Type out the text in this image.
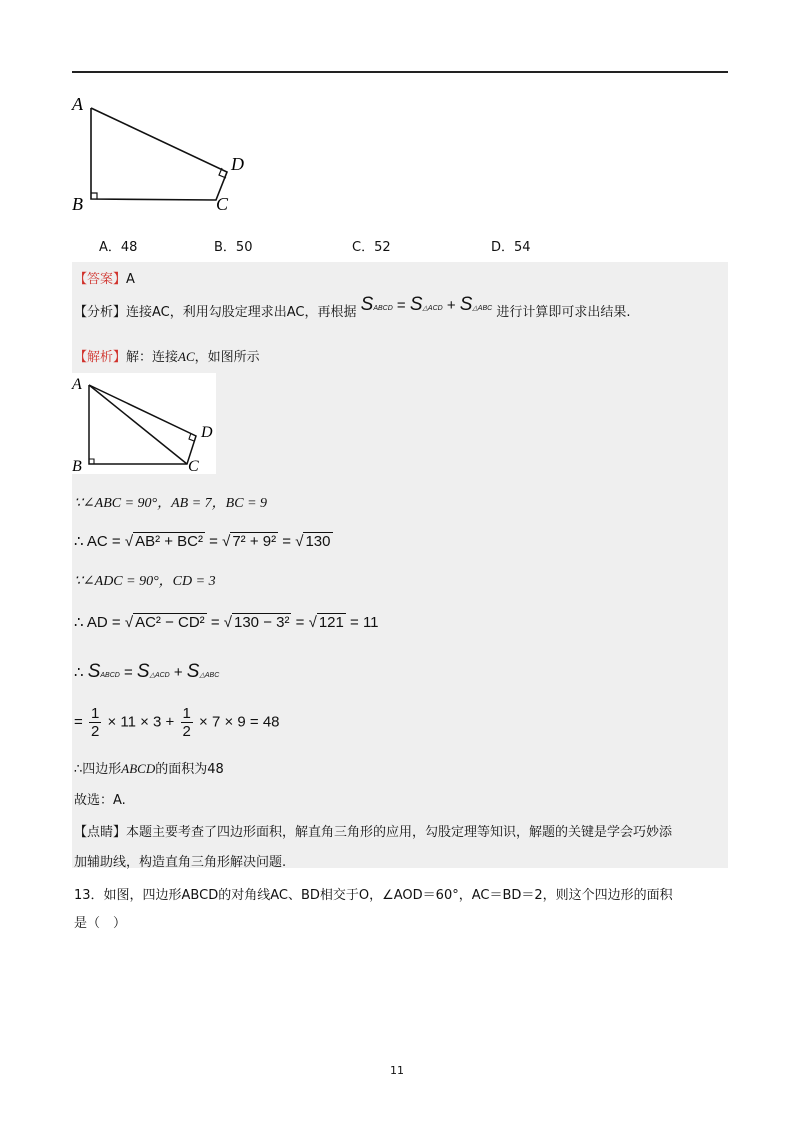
A
B	C
D
A．48	B．50	C．52	D．54
【答案】A
【分析】连接AC，利用勾股定理求出AC，再根据 SABCD = S△ACD + S△ABC 进行计算即可求出结果.
【解析】解：连接AC，如图所示
A
B	C
D
∵∠ABC = 90°，AB = 7，BC = 9
∴ AC = √ AB² + BC² = √ 7² + 9² = √ 130
∵∠ADC = 90°，CD = 3
∴ AD = √ AC² − CD² = √ 130 − 3² = √ 121 = 11
∴ SABCD = S△ACD + S△ABC
= $\frac{1}{2} \times 11 \times 3 + \frac{1}{2} \times 7 \times 9 = 48$
∴四边形ABCD的面积为48
故选：A.
【点睛】本题主要考查了四边形面积，解直角三角形的应用，勾股定理等知识，解题的关键是学会巧妙添
加辅助线，构造直角三角形解决问题.
13．如图，四边形ABCD的对角线AC、BD相交于O，∠AOD＝60°，AC＝BD＝2，则这个四边形的面积
是（　）
11
